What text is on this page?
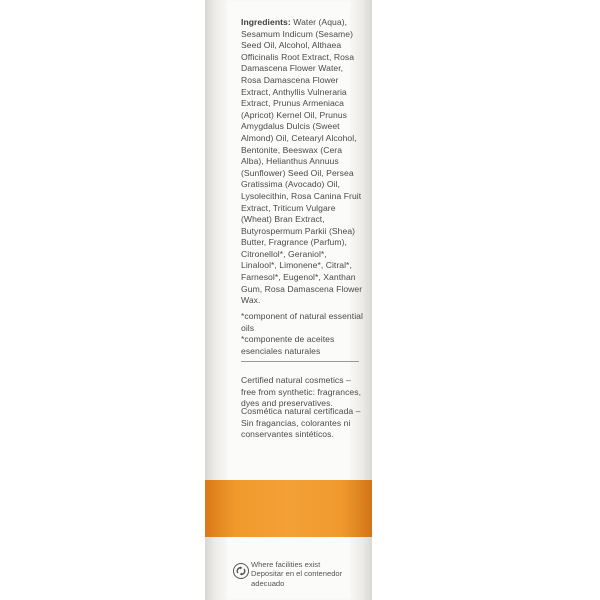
Ingredients: Water (Aqua), Sesamum Indicum (Sesame) Seed Oil, Alcohol, Althaea Officinalis Root Extract, Rosa Damascena Flower Water, Rosa Damascena Flower Extract, Anthyllis Vulneraria Extract, Prunus Armeniaca (Apricot) Kernel Oil, Prunus Amygdalus Dulcis (Sweet Almond) Oil, Cetearyl Alcohol, Bentonite, Beeswax (Cera Alba), Helianthus Annuus (Sunflower) Seed Oil, Persea Gratissima (Avocado) Oil, Lysolecithin, Rosa Canina Fruit Extract, Triticum Vulgare (Wheat) Bran Extract, Butyrospermum Parkii (Shea) Butter, Fragrance (Parfum), Citronellol*, Geraniol*, Linalool*, Limonene*, Citral*, Farnesol*, Eugenol*, Xanthan Gum, Rosa Damascena Flower Wax.
*component of natural essential oils
*componente de aceites esenciales naturales
Certified natural cosmetics – free from synthetic: fragrances, dyes and preservatives.
Cosmética natural certificada – Sin fragancias, colorantes ni conservantes sintéticos.
Where facilities exist
Depositar en el contenedor adecuado
